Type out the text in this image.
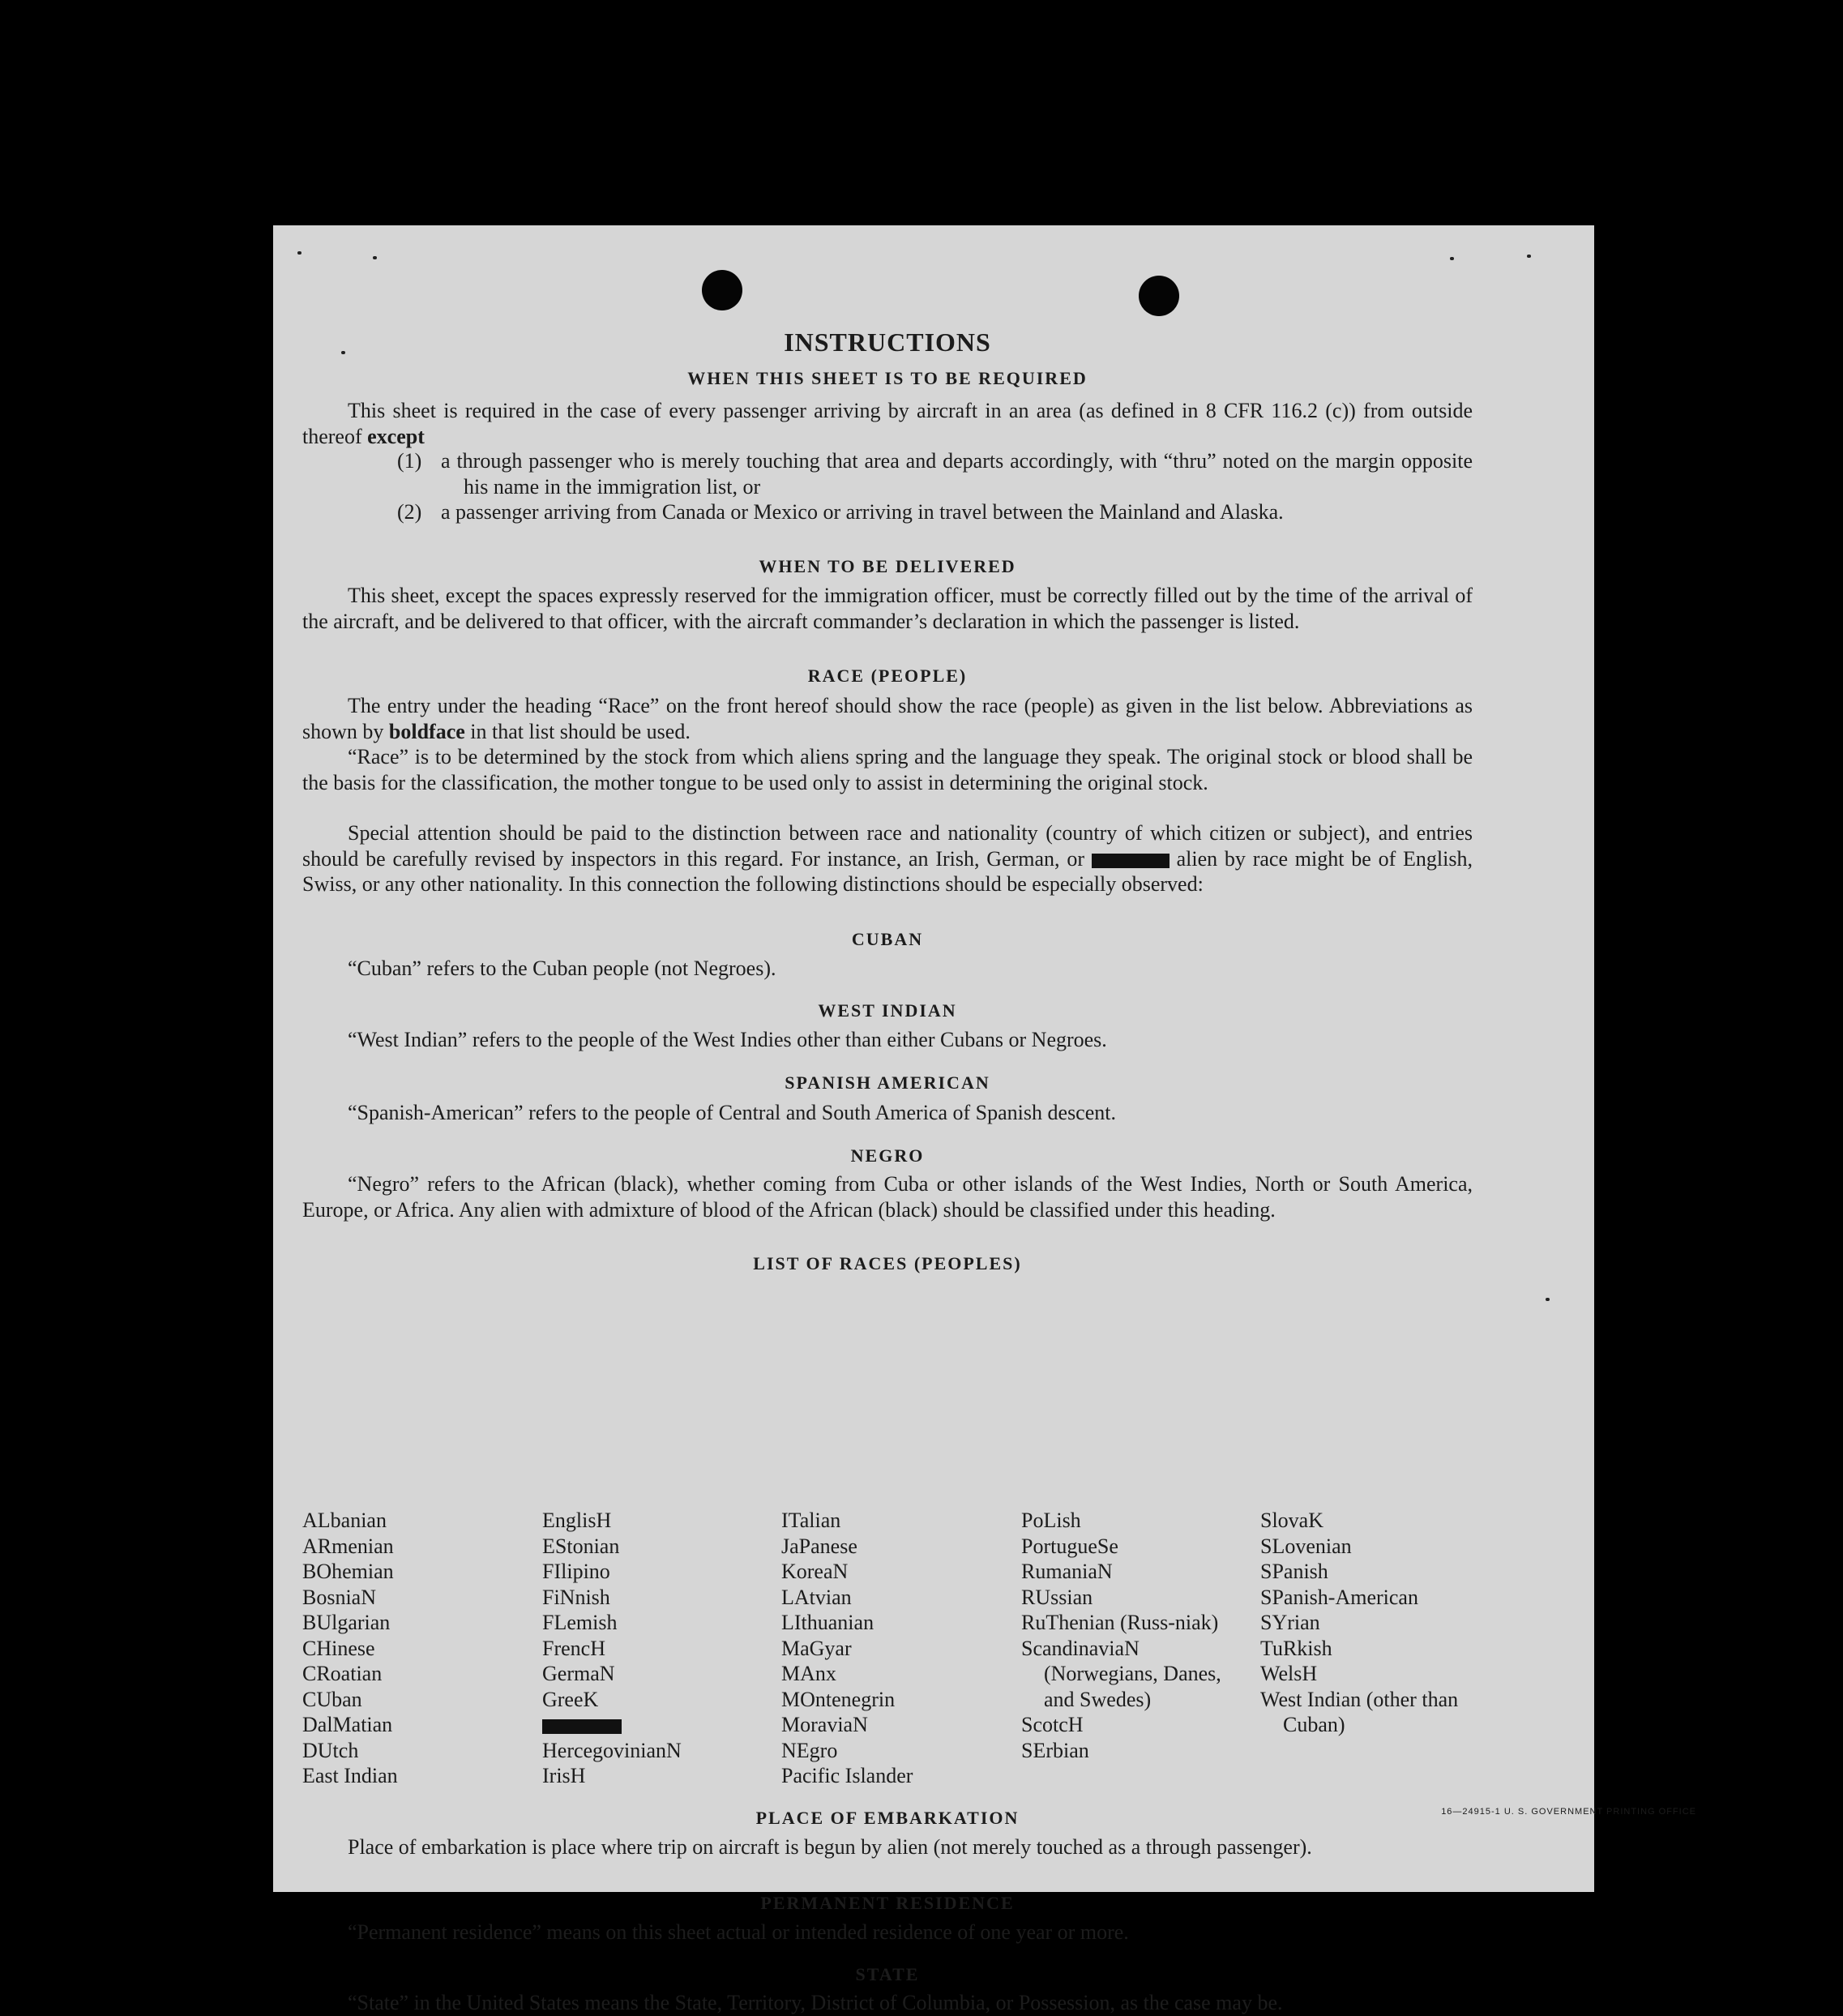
INSTRUCTIONS
WHEN THIS SHEET IS TO BE REQUIRED
This sheet is required in the case of every passenger arriving by aircraft in an area (as defined in 8 CFR 116.2 (c)) from outside thereof except
(1) a through passenger who is merely touching that area and departs accordingly, with “thru” noted on the margin opposite his name in the immigration list, or
(2) a passenger arriving from Canada or Mexico or arriving in travel between the Mainland and Alaska.
WHEN TO BE DELIVERED
This sheet, except the spaces expressly reserved for the immigration officer, must be correctly filled out by the time of the arrival of the aircraft, and be delivered to that officer, with the aircraft commander’s declaration in which the passenger is listed.
RACE (PEOPLE)
The entry under the heading “Race” on the front hereof should show the race (people) as given in the list below. Abbreviations as shown by boldface in that list should be used.
“Race” is to be determined by the stock from which aliens spring and the language they speak. The original stock or blood shall be the basis for the classification, the mother tongue to be used only to assist in determining the original stock.
Special attention should be paid to the distinction between race and nationality (country of which citizen or subject), and entries should be carefully revised by inspectors in this regard. For instance, an Irish, German, or	alien by race might be of English, Swiss, or any other nationality. In this connection the following distinctions should be especially observed:
CUBAN
“Cuban” refers to the Cuban people (not Negroes).
WEST INDIAN
“West Indian” refers to the people of the West Indies other than either Cubans or Negroes.
SPANISH AMERICAN
“Spanish-American” refers to the people of Central and South America of Spanish descent.
NEGRO
“Negro” refers to the African (black), whether coming from Cuba or other islands of the West Indies, North or South America, Europe, or Africa. Any alien with admixture of blood of the African (black) should be classified under this heading.
LIST OF RACES (PEOPLES)
ALbanian
ARmenian
BOhemian
BosniaN
BUlgarian
CHinese
CRoatian
CUban
DalMatian
DUtch
East Indian
EnglisH
EStonian
FIlipino
FiNnish
FLemish
FrencH
GermaN
GreeK
HercegovinianN
IrisH
ITalian
JaPanese
KoreaN
LAtvian
LIthuanian
MaGyar
MAnx
MOntenegrin
MoraviaN
NEgro
Pacific Islander
PoLish
PortugueSe
RumaniaN
RUssian
RuThenian (Russ-niak)
ScandinaviaN (Norwegians, Danes, and Swedes)
ScotcH
SErbian
SlovaK
SLovenian
SPanish
SPanish-American
SYrian
TuRkish
WelsH
West Indian (other than Cuban)
PLACE OF EMBARKATION
Place of embarkation is place where trip on aircraft is begun by alien (not merely touched as a through passenger).
PERMANENT RESIDENCE
“Permanent residence” means on this sheet actual or intended residence of one year or more.
STATE
“State” in the United States means the State, Territory, District of Columbia, or Possession, as the case may be.
16—24915-1 U. S. GOVERNMENT PRINTING OFFICE
